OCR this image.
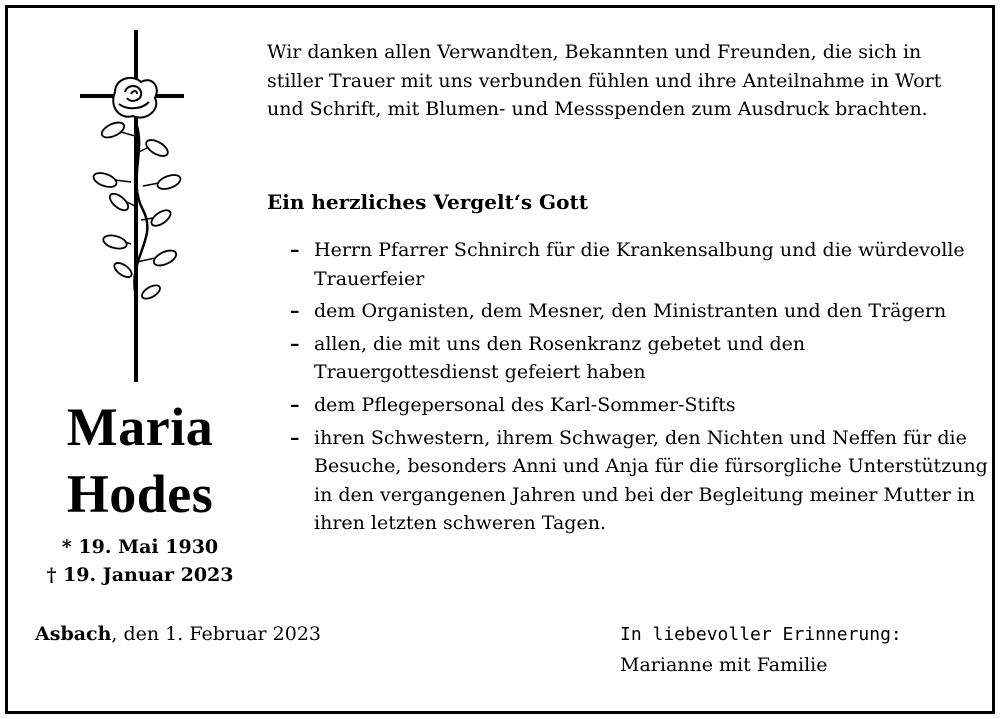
Maria
Hodes
* 19. Mai 1930
† 19. Januar 2023
Wir danken allen Verwandten, Bekannten und Freunden, die sich in stiller Trauer mit uns verbunden fühlen und ihre Anteilnahme in Wort und Schrift, mit Blumen- und Messspenden zum Ausdruck brachten.
Ein herzliches Vergelt‘s Gott
– Herrn Pfarrer Schnirch für die Krankensalbung und die würdevolle Trauerfeier
– dem Organisten, dem Mesner, den Ministranten und den Trägern
– allen, die mit uns den Rosenkranz gebetet und den Trauergottesdienst gefeiert haben
– dem Pflegepersonal des Karl-Sommer-Stifts
– ihren Schwestern, ihrem Schwager, den Nichten und Neffen für die Besuche, besonders Anni und Anja für die fürsorgliche Unterstützung in den vergangenen Jahren und bei der Begleitung meiner Mutter in ihren letzten schweren Tagen.
Asbach, den 1. Februar 2023	In liebevoller Erinnerung:
Marianne mit Familie
